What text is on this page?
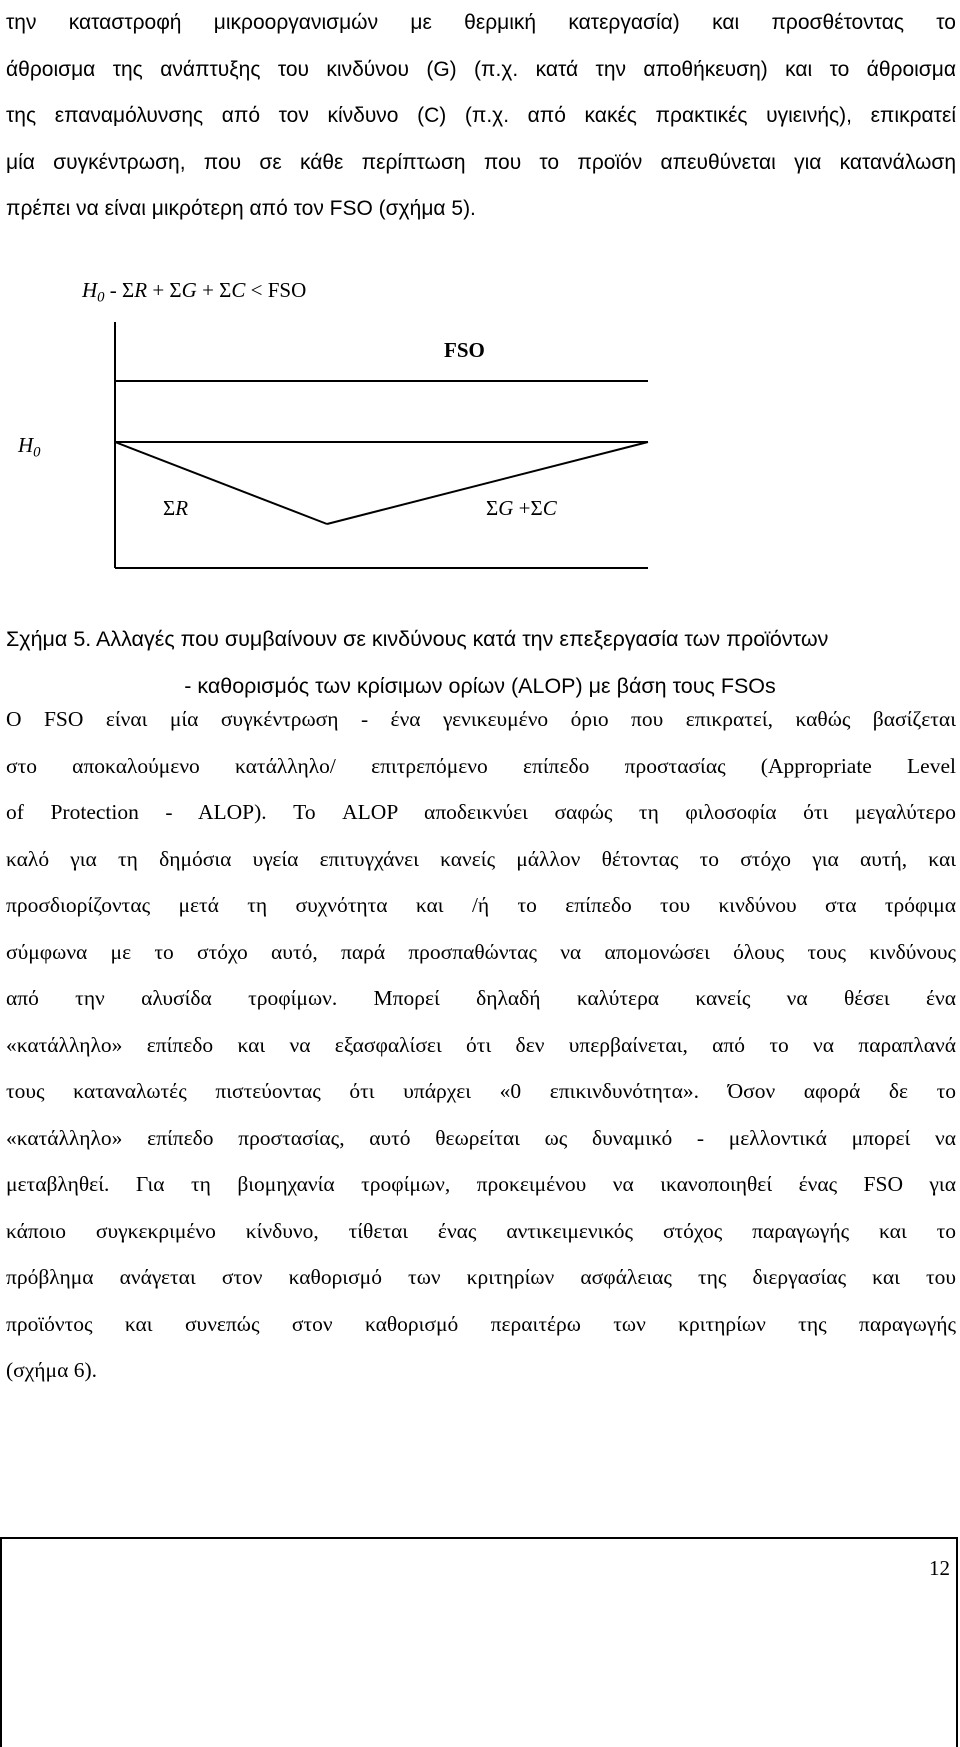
την καταστροφή μικροοργανισμών με θερμική κατεργασία) και προσθέτοντας το
άθροισμα της ανάπτυξης του κινδύνου (G) (π.χ. κατά την αποθήκευση) και το άθροισμα
της επαναμόλυνσης από τον κίνδυνο (C) (π.χ. από κακές πρακτικές υγιεινής), επικρατεί
μία συγκέντρωση, που σε κάθε περίπτωση που το προϊόν απευθύνεται για κατανάλωση
πρέπει να είναι μικρότερη από τον FSO (σχήμα 5).
$H_0 - \Sigma R + \Sigma G + \Sigma C$ < FSO
FSO
$H_0$
ΣR	ΣG +ΣC
Σχήμα 5. Αλλαγές που συμβαίνουν σε κινδύνους κατά την επεξεργασία των προϊόντων
- καθορισμός των κρίσιμων ορίων (ALOP) με βάση τους FSOs
Ο FSO είναι μία συγκέντρωση - ένα γενικευμένο όριο που επικρατεί, καθώς βασίζεται
στο αποκαλούμενο κατάλληλο/ επιτρεπόμενο επίπεδο προστασίας (Appropriate Level
of Protection - ALOP). Το ALOP αποδεικνύει σαφώς τη φιλοσοφία ότι μεγαλύτερο
καλό για τη δημόσια υγεία επιτυγχάνει κανείς μάλλον θέτοντας το στόχο για αυτή, και
προσδιορίζοντας μετά τη συχνότητα και /ή το επίπεδο του κινδύνου στα τρόφιμα
σύμφωνα με το στόχο αυτό, παρά προσπαθώντας να απομονώσει όλους τους κινδύνους
από την αλυσίδα τροφίμων. Μπορεί δηλαδή καλύτερα κανείς να θέσει ένα
«κατάλληλο» επίπεδο και να εξασφαλίσει ότι δεν υπερβαίνεται, από το να παραπλανά
τους καταναλωτές πιστεύοντας ότι υπάρχει «0 επικινδυνότητα». Όσον αφορά δε το
«κατάλληλο» επίπεδο προστασίας, αυτό θεωρείται ως δυναμικό - μελλοντικά μπορεί να
μεταβληθεί. Για τη βιομηχανία τροφίμων, προκειμένου να ικανοποιηθεί ένας FSO για
κάποιο συγκεκριμένο κίνδυνο, τίθεται ένας αντικειμενικός στόχος παραγωγής και το
πρόβλημα ανάγεται στον καθορισμό των κριτηρίων ασφάλειας της διεργασίας και του
προϊόντος και συνεπώς στον καθορισμό περαιτέρω των κριτηρίων της παραγωγής
(σχήμα 6).
12
